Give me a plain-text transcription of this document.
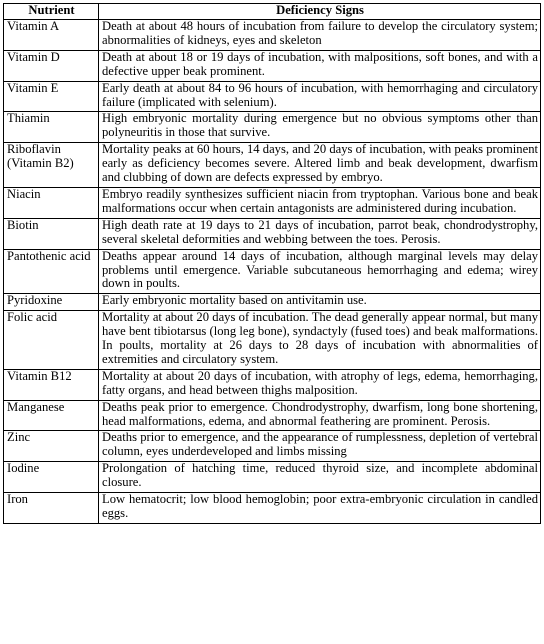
Nutrient	Deficiency Signs
Vitamin A	Death at about 48 hours of incubation from failure to develop the circulatory system; abnormalities of kidneys, eyes and skeleton
Vitamin D	Death at about 18 or 19 days of incubation, with malpositions, soft bones, and with a defective upper beak prominent.
Vitamin E	Early death at about 84 to 96 hours of incubation, with hemorrhaging and circulatory failure (implicated with selenium).
Thiamin	High embryonic mortality during emergence but no obvious symptoms other than polyneuritis in those that survive.
Riboflavin (Vitamin B2)	Mortality peaks at 60 hours, 14 days, and 20 days of incubation, with peaks prominent early as deficiency becomes severe. Altered limb and beak development, dwarfism and clubbing of down are defects expressed by embryo.
Niacin	Embryo readily synthesizes sufficient niacin from tryptophan. Various bone and beak malformations occur when certain antagonists are administered during incubation.
Biotin	High death rate at 19 days to 21 days of incubation, parrot beak, chondrodystrophy, several skeletal deformities and webbing between the toes. Perosis.
Pantothenic acid	Deaths appear around 14 days of incubation, although marginal levels may delay problems until emergence. Variable subcutaneous hemorrhaging and edema; wirey down in poults.
Pyridoxine	Early embryonic mortality based on antivitamin use.
Folic acid	Mortality at about 20 days of incubation. The dead generally appear normal, but many have bent tibiotarsus (long leg bone), syndactyly (fused toes) and beak malformations. In poults, mortality at 26 days to 28 days of incubation with abnormalities of extremities and circulatory system.
Vitamin B12	Mortality at about 20 days of incubation, with atrophy of legs, edema, hemorrhaging, fatty organs, and head between thighs malposition.
Manganese	Deaths peak prior to emergence. Chondrodystrophy, dwarfism, long bone shortening, head malformations, edema, and abnormal feathering are prominent. Perosis.
Zinc	Deaths prior to emergence, and the appearance of rumplessness, depletion of vertebral column, eyes underdeveloped and limbs missing
Iodine	Prolongation of hatching time, reduced thyroid size, and incomplete abdominal closure.
Iron	Low hematocrit; low blood hemoglobin; poor extra-embryonic circulation in candled eggs.
